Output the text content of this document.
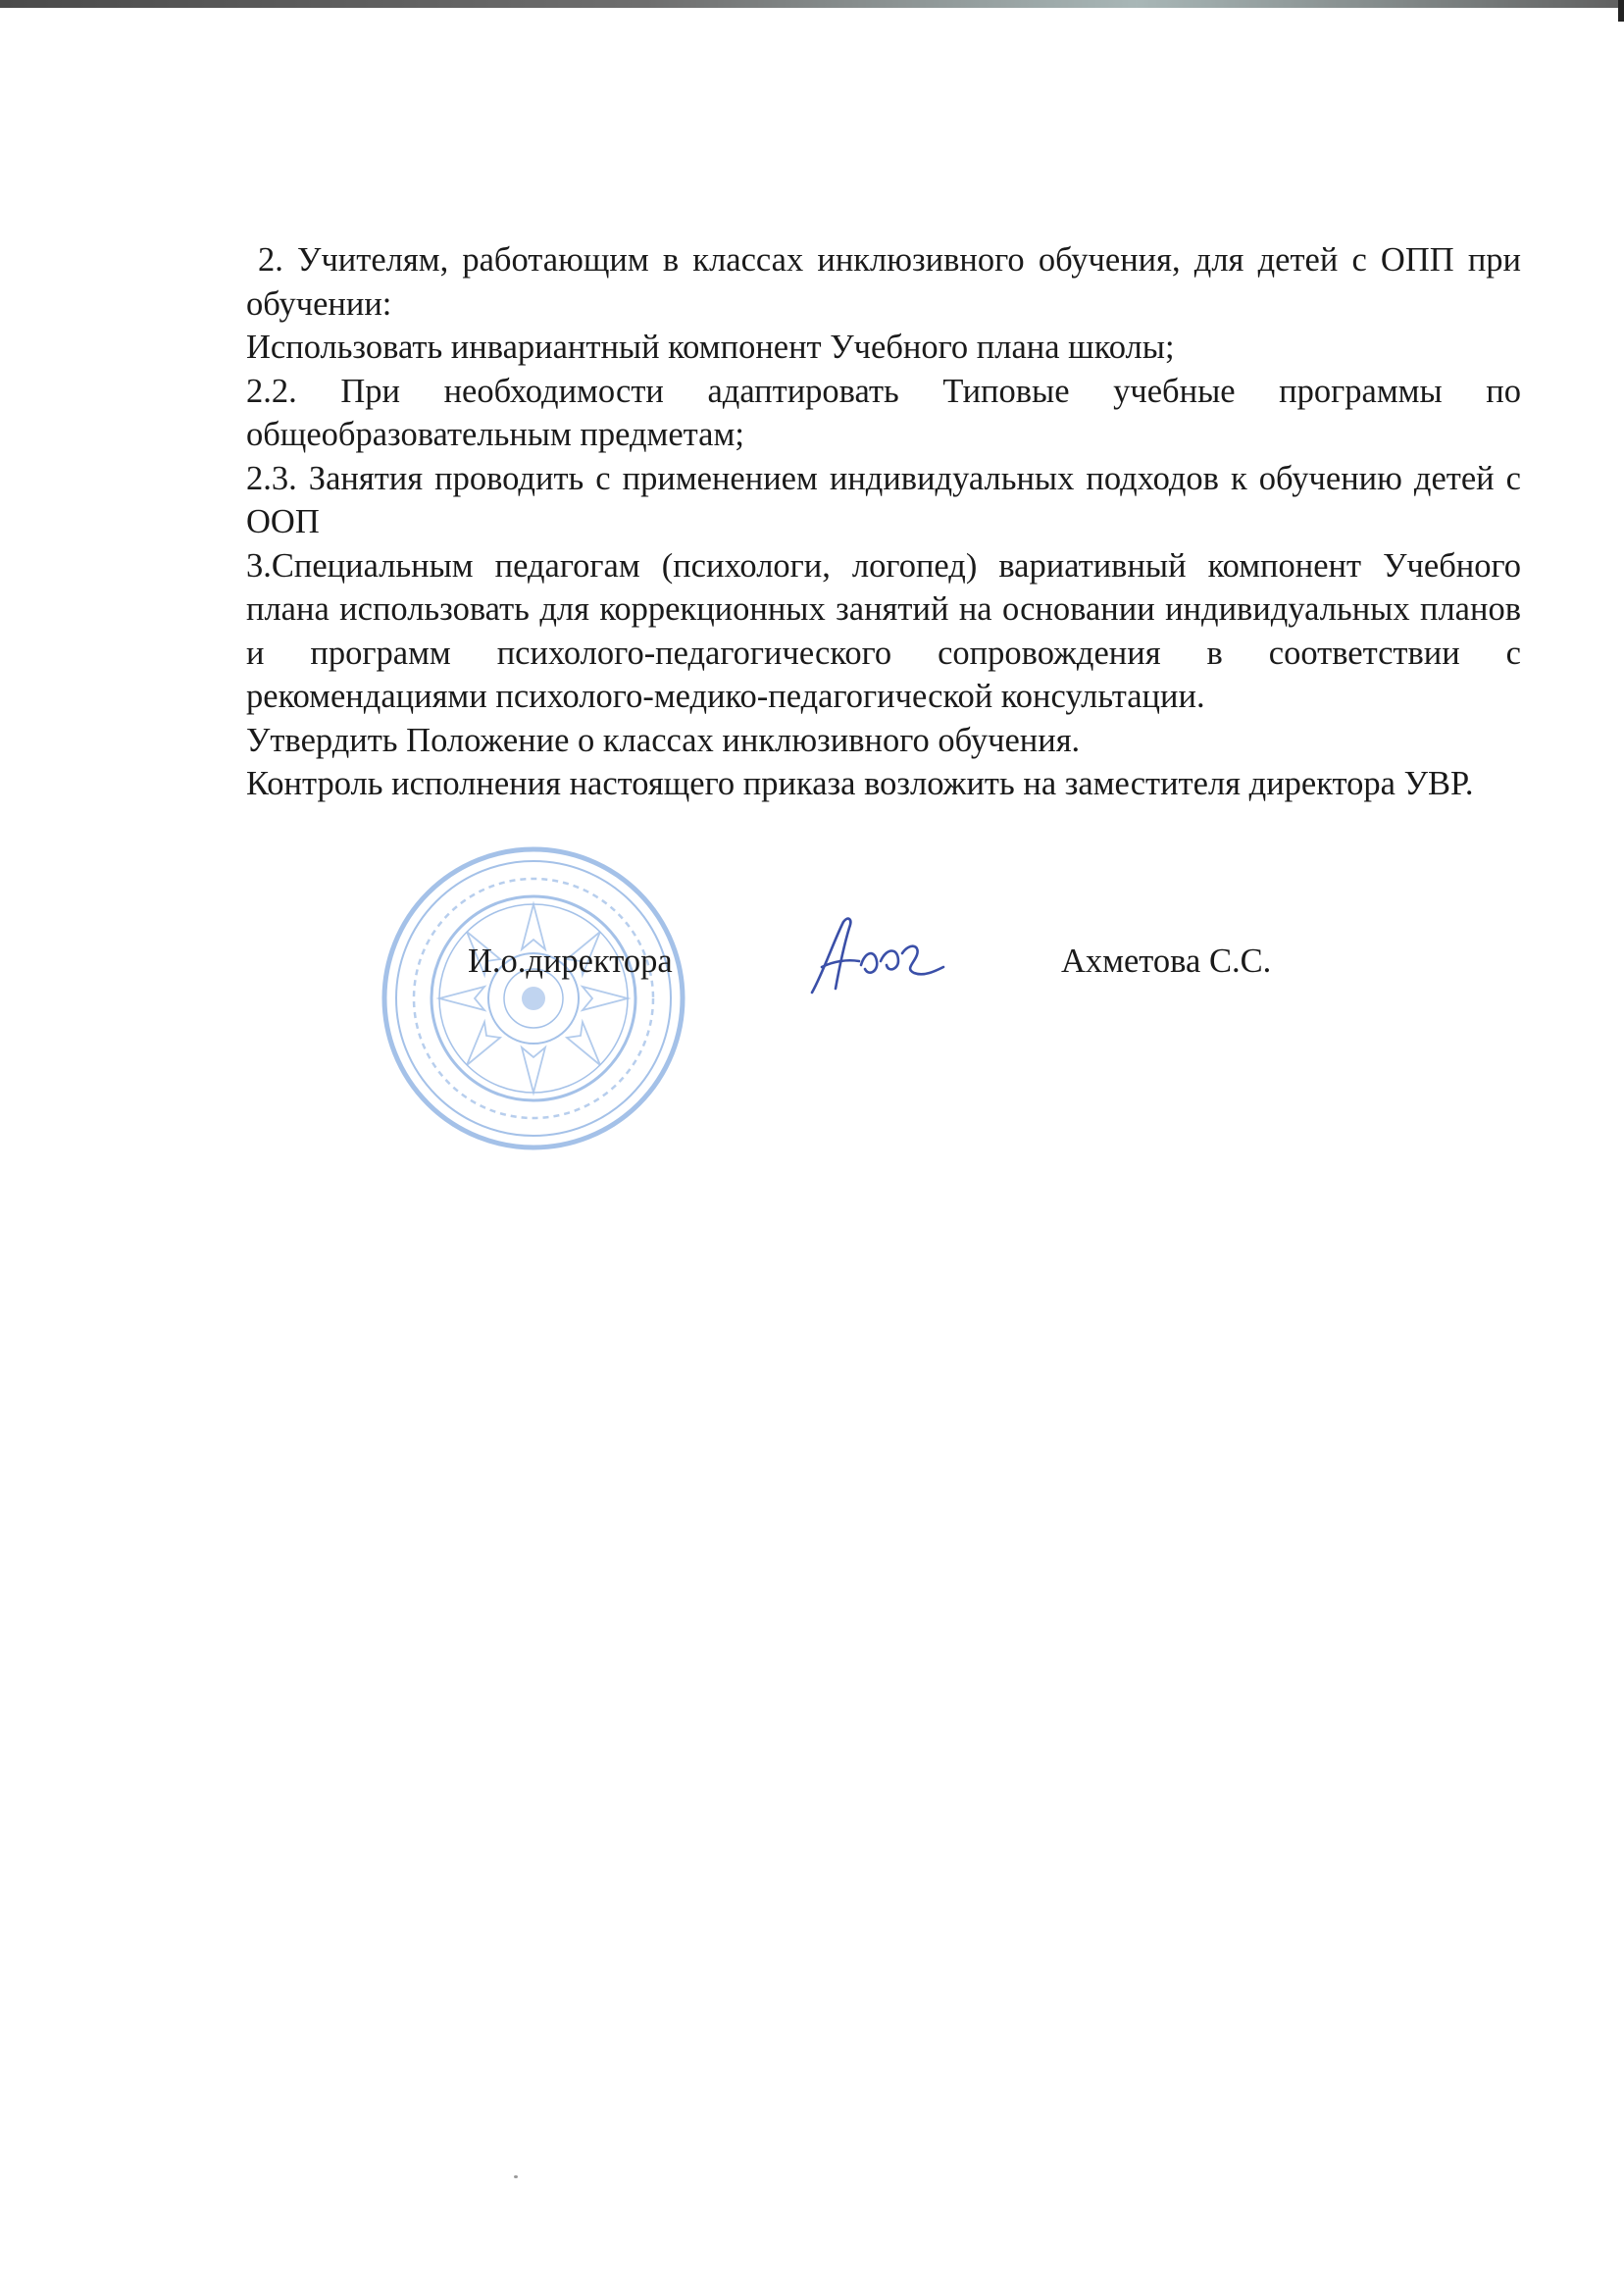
2. Учителям, работающим в классах инклюзивного обучения, для детей с ОПП при обучении:

Использовать инвариантный компонент Учебного плана школы;

2.2. При необходимости адаптировать Типовые учебные программы по общеобразовательным предметам;

2.3. Занятия проводить с применением индивидуальных подходов к обучению детей с ООП

3.Специальным педагогам (психологи, логопед) вариативный компонент Учебного плана использовать для коррекционных занятий на основании индивидуальных планов и программ психолого-педагогического сопровождения в соответствии с рекомендациями психолого-медико-педагогической консультации.

Утвердить Положение о классах инклюзивного обучения.

Контроль исполнения настоящего приказа возложить на заместителя директора УВР.

И.о.директора	Ахметова С.С.
